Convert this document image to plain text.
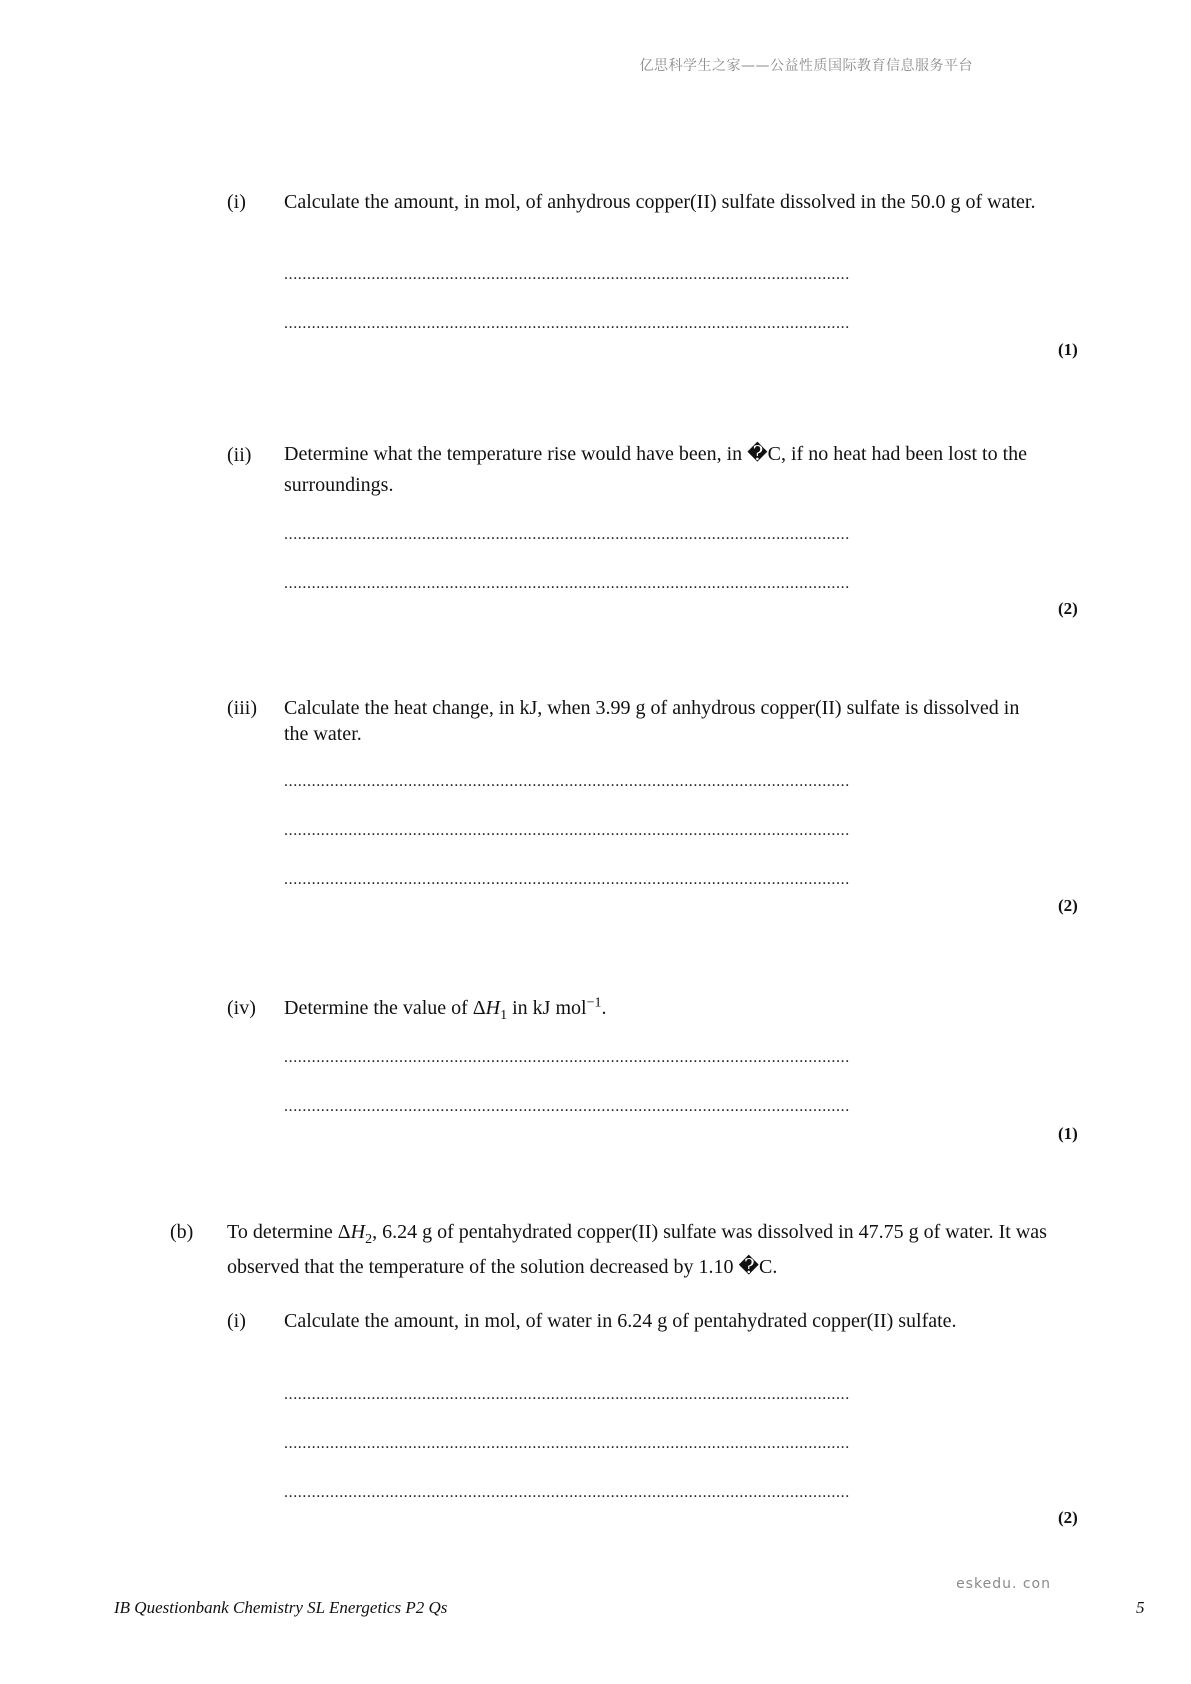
亿思科学生之家——公益性质国际教育信息服务平台
(i) Calculate the amount, in mol, of anhydrous copper(II) sulfate dissolved in the 50.0 g of water.
...........................................................................................................................
...........................................................................................................................
(1)
(ii) Determine what the temperature rise would have been, in �C, if no heat had been lost to the surroundings.
...........................................................................................................................
...........................................................................................................................
(2)
(iii) Calculate the heat change, in kJ, when 3.99 g of anhydrous copper(II) sulfate is dissolved in the water.
...........................................................................................................................
...........................................................................................................................
...........................................................................................................................
(2)
(iv) Determine the value of $\Delta H_1$ in kJ mol$^{-1}$.
...........................................................................................................................
...........................................................................................................................
(1)
(b) To determine $\Delta H_2$, 6.24 g of pentahydrated copper(II) sulfate was dissolved in 47.75 g of water. It was observed that the temperature of the solution decreased by 1.10 �C.
(i) Calculate the amount, in mol, of water in 6.24 g of pentahydrated copper(II) sulfate.
...........................................................................................................................
...........................................................................................................................
...........................................................................................................................
(2)
eskedu. con
IB Questionbank Chemistry SL Energetics P2 Qs	5
